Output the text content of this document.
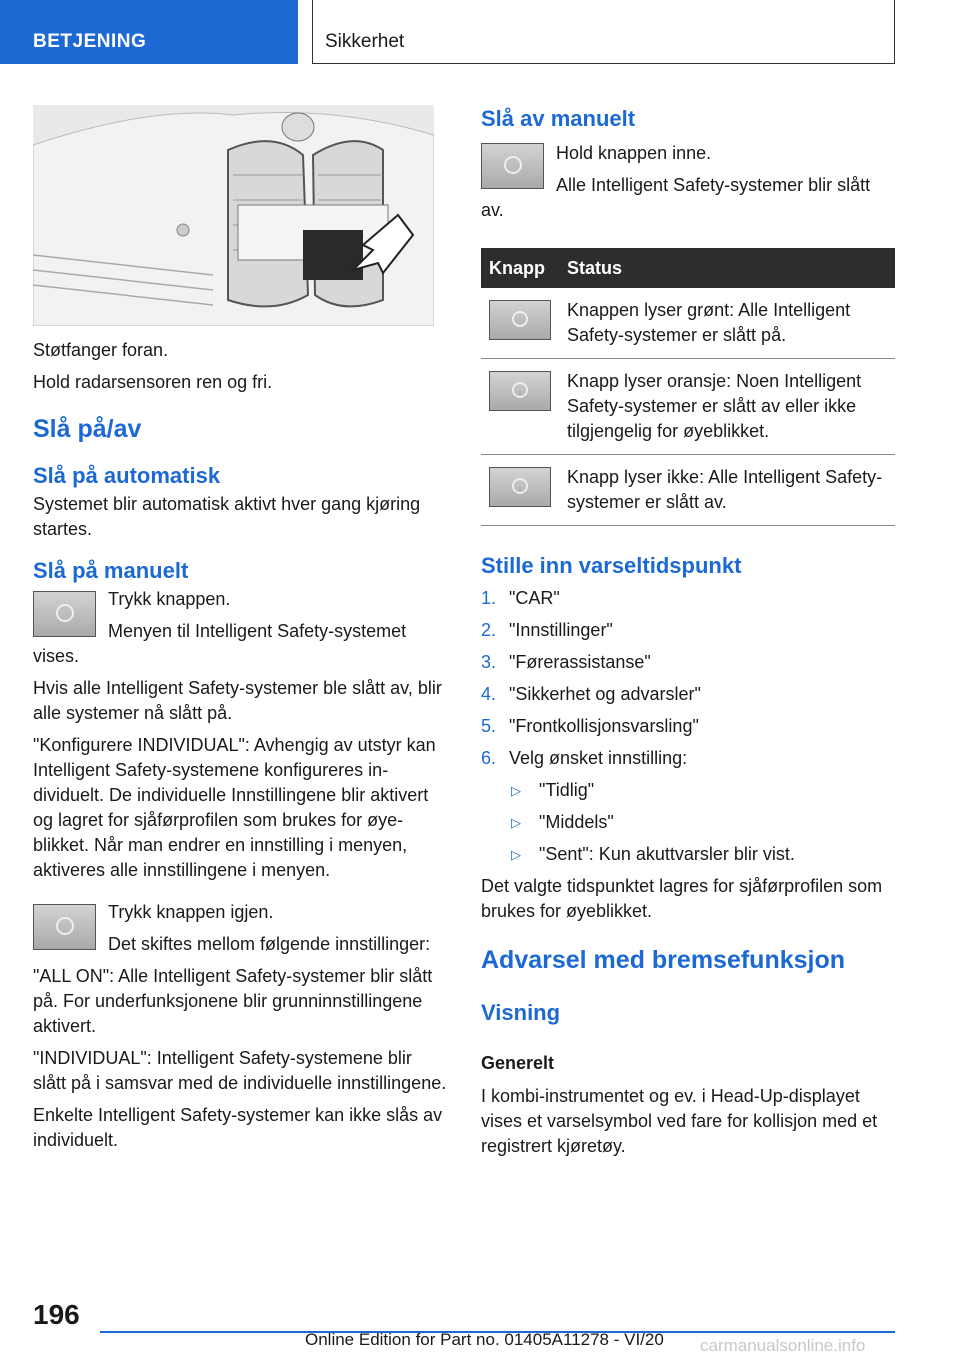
BETJENING	Sikkerhet
Støtfanger foran.
Hold radarsensoren ren og fri.
Slå på/av
Slå på automatisk
Systemet blir automatisk aktivt hver gang kjøring startes.
Slå på manuelt
Trykk knappen.
Menyen til Intelligent Safety-systemet vises.
Hvis alle Intelligent Safety-systemer ble slått av, blir alle systemer nå slått på.
"Konfigurere INDIVIDUAL": Avhengig av utstyr kan Intelligent Safety-systemene konfigureres individuelt. De individuelle Innstillingene blir aktivert og lagret for sjåførprofilen som brukes for øyeblikket. Når man endrer en innstilling i menyen, aktiveres alle innstillingene i menyen.
Trykk knappen igjen.
Det skiftes mellom følgende innstillinger:
"ALL ON": Alle Intelligent Safety-systemer blir slått på. For underfunksjonene blir grunninnstillingene aktivert.
"INDIVIDUAL": Intelligent Safety-systemene blir slått på i samsvar med de individuelle innstillingene.
Enkelte Intelligent Safety-systemer kan ikke slås av individuelt.
Slå av manuelt
Hold knappen inne.
Alle Intelligent Safety-systemer blir slått av.
Knapp	Status

	Knappen lyser grønt: Alle Intelligent Safety-systemer er slått på.

	Knapp lyser oransje: Noen Intelligent Safety-systemer er slått av eller ikke tilgjengelig for øyeblikket.

	Knapp lyser ikke: Alle Intelligent Safety-systemer er slått av.
Stille inn varseltidspunkt
1. "CAR"
2. "Innstillinger"
3. "Førerassistanse"
4. "Sikkerhet og advarsler"
5. "Frontkollisjonsvarsling"
6. Velg ønsket innstilling:
▷	"Tidlig"
▷	"Middels"
▷	"Sent": Kun akuttvarsler blir vist.
Det valgte tidspunktet lagres for sjåførprofilen som brukes for øyeblikket.
Advarsel med bremsefunksjon
Visning
Generelt
I kombi-instrumentet og ev. i Head-Up-displayet vises et varselsymbol ved fare for kollisjon med et registrert kjøretøy.
196
Online Edition for Part no. 01405A11278 - VI/20 carmanualsonline.info
